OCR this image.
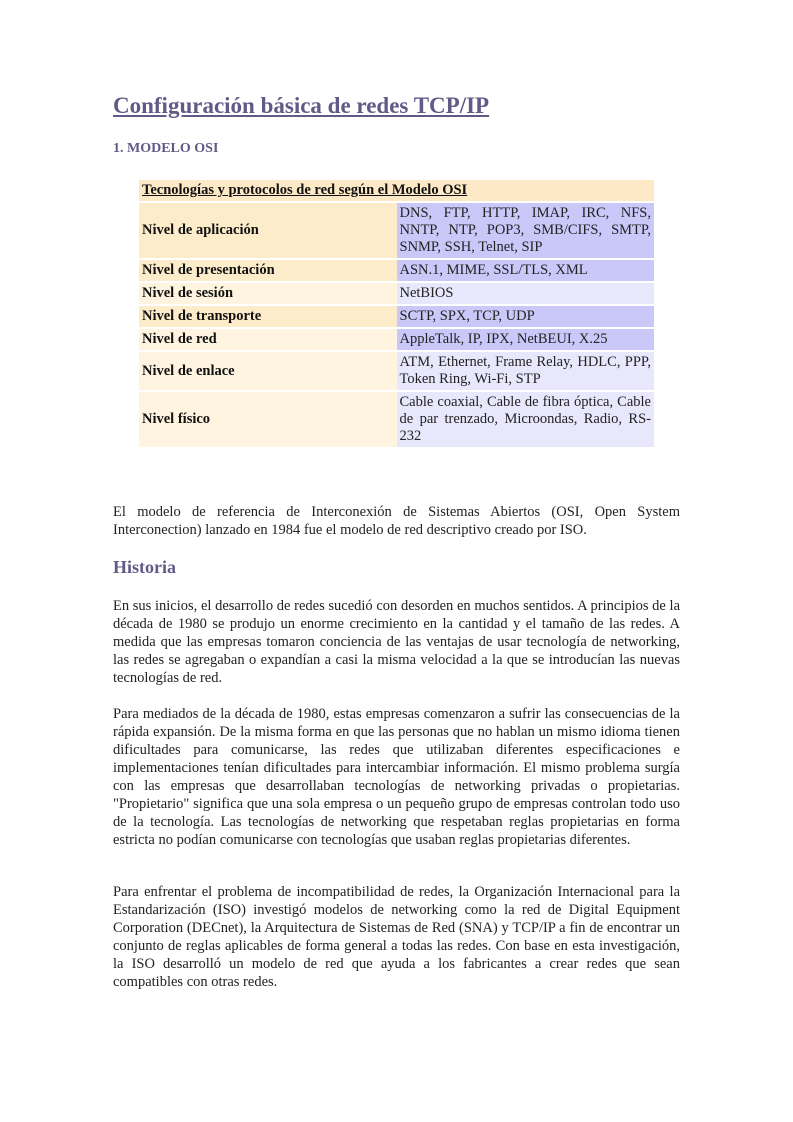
Configuración básica de redes TCP/IP
1. MODELO OSI
Tecnologías y protocolos de red según el Modelo OSI	
Nivel de aplicación	DNS, FTP, HTTP, IMAP, IRC, NFS, NNTP, NTP, POP3, SMB/CIFS, SMTP, SNMP, SSH, Telnet, SIP
Nivel de presentación	ASN.1, MIME, SSL/TLS, XML
Nivel de sesión	NetBIOS
Nivel de transporte	SCTP, SPX, TCP, UDP
Nivel de red	AppleTalk, IP, IPX, NetBEUI, X.25
Nivel de enlace	ATM, Ethernet, Frame Relay, HDLC, PPP, Token Ring, Wi-Fi, STP
Nivel físico	Cable coaxial, Cable de fibra óptica, Cable de par trenzado, Microondas, Radio, RS-232

El modelo de referencia de Interconexión de Sistemas Abiertos (OSI, Open System Interconection) lanzado en 1984 fue el modelo de red descriptivo creado por ISO.

Historia

En sus inicios, el desarrollo de redes sucedió con desorden en muchos sentidos. A principios de la década de 1980 se produjo un enorme crecimiento en la cantidad y el tamaño de las redes. A medida que las empresas tomaron conciencia de las ventajas de usar tecnología de networking, las redes se agregaban o expandían a casi la misma velocidad a la que se introducían las nuevas tecnologías de red.

Para mediados de la década de 1980, estas empresas comenzaron a sufrir las consecuencias de la rápida expansión. De la misma forma en que las personas que no hablan un mismo idioma tienen dificultades para comunicarse, las redes que utilizaban diferentes especificaciones e implementaciones tenían dificultades para intercambiar información. El mismo problema surgía con las empresas que desarrollaban tecnologías de networking privadas o propietarias. "Propietario" significa que una sola empresa o un pequeño grupo de empresas controlan todo uso de la tecnología. Las tecnologías de networking que respetaban reglas propietarias en forma estricta no podían comunicarse con tecnologías que usaban reglas propietarias diferentes.

Para enfrentar el problema de incompatibilidad de redes, la Organización Internacional para la Estandarización (ISO) investigó modelos de networking como la red de Digital Equipment Corporation (DECnet), la Arquitectura de Sistemas de Red (SNA) y TCP/IP a fin de encontrar un conjunto de reglas aplicables de forma general a todas las redes. Con base en esta investigación, la ISO desarrolló un modelo de red que ayuda a los fabricantes a crear redes que sean compatibles con otras redes.
